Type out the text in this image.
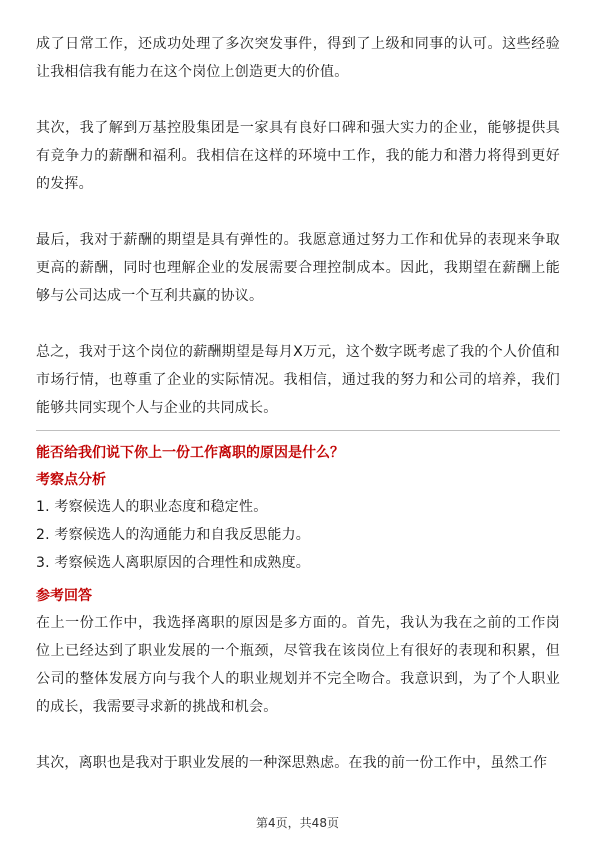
成了日常工作，还成功处理了多次突发事件，得到了上级和同事的认可。这些经验让我相信我有能力在这个岗位上创造更大的价值。

其次，我了解到万基控股集团是一家具有良好口碑和强大实力的企业，能够提供具有竞争力的薪酬和福利。我相信在这样的环境中工作，我的能力和潜力将得到更好的发挥。

最后，我对于薪酬的期望是具有弹性的。我愿意通过努力工作和优异的表现来争取更高的薪酬，同时也理解企业的发展需要合理控制成本。因此，我期望在薪酬上能够与公司达成一个互利共赢的协议。

总之，我对于这个岗位的薪酬期望是每月X万元，这个数字既考虑了我的个人价值和市场行情，也尊重了企业的实际情况。我相信，通过我的努力和公司的培养，我们能够共同实现个人与企业的共同成长。

能否给我们说下你上一份工作离职的原因是什么？

考察点分析

1. 考察候选人的职业态度和稳定性。

2. 考察候选人的沟通能力和自我反思能力。

3. 考察候选人离职原因的合理性和成熟度。

参考回答

在上一份工作中，我选择离职的原因是多方面的。首先，我认为我在之前的工作岗位上已经达到了职业发展的一个瓶颈，尽管我在该岗位上有很好的表现和积累，但公司的整体发展方向与我个人的职业规划并不完全吻合。我意识到，为了个人职业的成长，我需要寻求新的挑战和机会。

其次，离职也是我对于职业发展的一种深思熟虑。在我的前一份工作中，虽然工作

第4页，共48页
